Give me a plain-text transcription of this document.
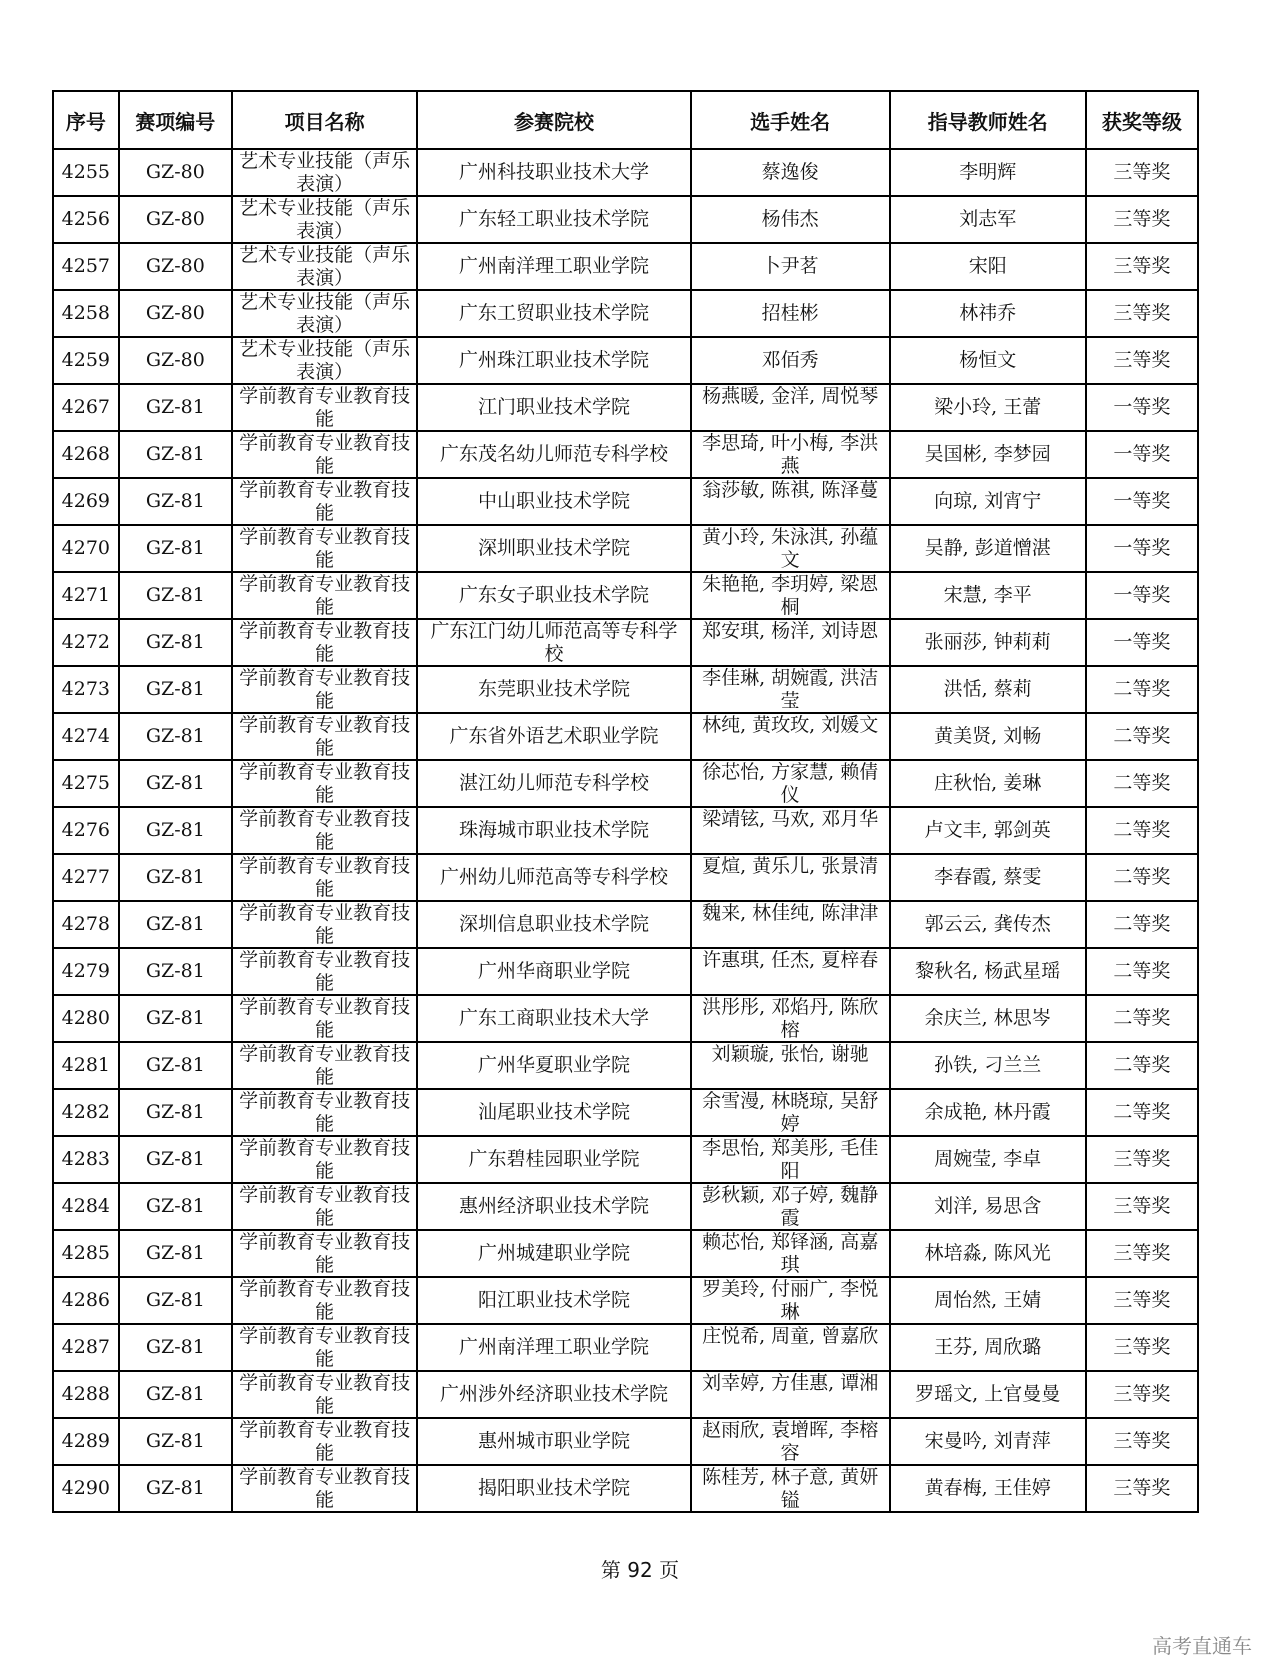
序号	赛项编号	项目名称	参赛院校	选手姓名	指导教师姓名	获奖等级

4255	GZ-80	艺术专业技能（声乐表演）	广州科技职业技术大学	蔡逸俊	李明辉	三等奖

4256	GZ-80	艺术专业技能（声乐表演）	广东轻工职业技术学院	杨伟杰	刘志军	三等奖

4257	GZ-80	艺术专业技能（声乐表演）	广州南洋理工职业学院	卜尹茗	宋阳	三等奖

4258	GZ-80	艺术专业技能（声乐表演）	广东工贸职业技术学院	招桂彬	林祎乔	三等奖

4259	GZ-80	艺术专业技能（声乐表演）	广州珠江职业技术学院	邓佰秀	杨恒文	三等奖

4267	GZ-81	学前教育专业教育技能	江门职业技术学院	杨燕暖, 金洋, 周悦琴	梁小玲, 王蕾	一等奖

4268	GZ-81	学前教育专业教育技能	广东茂名幼儿师范专科学校	李思琦, 叶小梅, 李洪燕	吴国彬, 李梦园	一等奖

4269	GZ-81	学前教育专业教育技能	中山职业技术学院	翁莎敏, 陈祺, 陈泽蔓	向琼, 刘宵宁	一等奖

4270	GZ-81	学前教育专业教育技能	深圳职业技术学院	黄小玲, 朱泳淇, 孙蕴文	吴静, 彭道憎湛	一等奖

4271	GZ-81	学前教育专业教育技能	广东女子职业技术学院	朱艳艳, 李玥婷, 梁恩桐	宋慧, 李平	一等奖

4272	GZ-81	学前教育专业教育技能	广东江门幼儿师范高等专科学校	郑安琪, 杨洋, 刘诗恩	张丽莎, 钟莉莉	一等奖

4273	GZ-81	学前教育专业教育技能	东莞职业技术学院	李佳琳, 胡婉霞, 洪洁莹	洪恬, 蔡莉	二等奖

4274	GZ-81	学前教育专业教育技能	广东省外语艺术职业学院	林纯, 黄玫玫, 刘媛文	黄美贤, 刘畅	二等奖

4275	GZ-81	学前教育专业教育技能	湛江幼儿师范专科学校	徐芯怡, 方家慧, 赖倩仪	庄秋怡, 姜琳	二等奖

4276	GZ-81	学前教育专业教育技能	珠海城市职业技术学院	梁靖铉, 马欢, 邓月华	卢文丰, 郭剑英	二等奖

4277	GZ-81	学前教育专业教育技能	广州幼儿师范高等专科学校	夏煊, 黄乐儿, 张景清	李春霞, 蔡雯	二等奖

4278	GZ-81	学前教育专业教育技能	深圳信息职业技术学院	魏来, 林佳纯, 陈津津	郭云云, 龚传杰	二等奖

4279	GZ-81	学前教育专业教育技能	广州华商职业学院	许惠琪, 任杰, 夏梓春	黎秋名, 杨武星瑶	二等奖

4280	GZ-81	学前教育专业教育技能	广东工商职业技术大学	洪彤彤, 邓焰丹, 陈欣榕	余庆兰, 林思岑	二等奖

4281	GZ-81	学前教育专业教育技能	广州华夏职业学院	刘颖璇, 张怡, 谢驰	孙铁, 刁兰兰	二等奖

4282	GZ-81	学前教育专业教育技能	汕尾职业技术学院	余雪漫, 林晓琼, 吴舒婷	余成艳, 林丹霞	二等奖

4283	GZ-81	学前教育专业教育技能	广东碧桂园职业学院	李思怡, 郑美彤, 毛佳阳	周婉莹, 李卓	三等奖

4284	GZ-81	学前教育专业教育技能	惠州经济职业技术学院	彭秋颖, 邓子婷, 魏静霞	刘洋, 易思含	三等奖

4285	GZ-81	学前教育专业教育技能	广州城建职业学院	赖芯怡, 郑铎涵, 高嘉琪	林培淼, 陈风光	三等奖

4286	GZ-81	学前教育专业教育技能	阳江职业技术学院	罗美玲, 付丽广, 李悦琳	周怡然, 王婧	三等奖

4287	GZ-81	学前教育专业教育技能	广州南洋理工职业学院	庄悦希, 周童, 曾嘉欣	王芬, 周欣璐	三等奖

4288	GZ-81	学前教育专业教育技能	广州涉外经济职业技术学院	刘幸婷, 方佳惠, 谭湘	罗瑶文, 上官曼曼	三等奖

4289	GZ-81	学前教育专业教育技能	惠州城市职业学院	赵雨欣, 袁增晖, 李榕容	宋曼吟, 刘青萍	三等奖

4290	GZ-81	学前教育专业教育技能	揭阳职业技术学院	陈桂芳, 林子意, 黄妍镒	黄春梅, 王佳婷	三等奖
第 92 页
高考直通车
